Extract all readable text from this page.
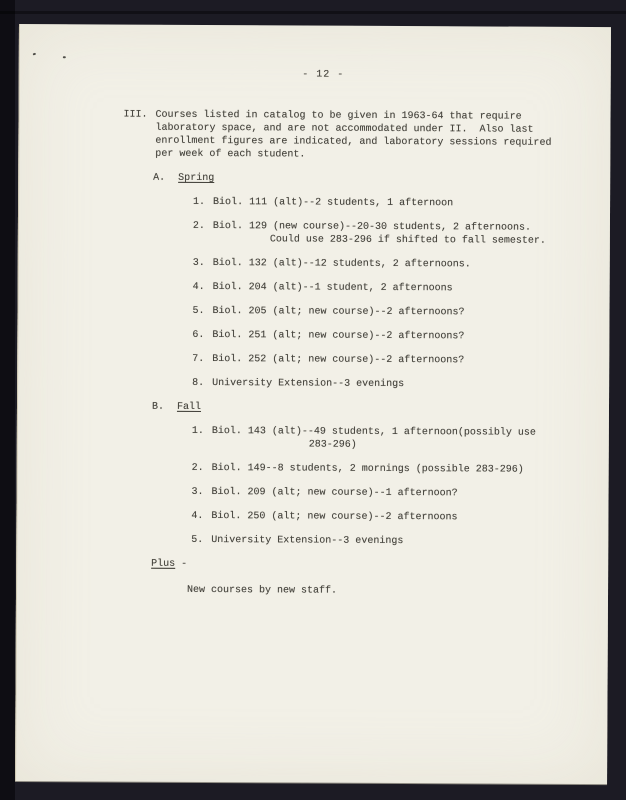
- 12 -
III. Courses listed in catalog to be given in 1963-64 that require
laboratory space, and are not accommodated under II.  Also last
enrollment figures are indicated, and laboratory sessions required
per week of each student.
A. Spring
1. Biol. 111 (alt)--2 students, 1 afternoon
2. Biol. 129 (new course)--20-30 students, 2 afternoons.
Could use 283-296 if shifted to fall semester.
3. Biol. 132 (alt)--12 students, 2 afternoons.
4. Biol. 204 (alt)--1 student, 2 afternoons
5. Biol. 205 (alt; new course)--2 afternoons?
6. Biol. 251 (alt; new course)--2 afternoons?
7. Biol. 252 (alt; new course)--2 afternoons?
8. University Extension--3 evenings
B. Fall
1. Biol. 143 (alt)--49 students, 1 afternoon(possibly use
283-296)
2. Biol. 149--8 students, 2 mornings (possible 283-296)
3. Biol. 209 (alt; new course)--1 afternoon?
4. Biol. 250 (alt; new course)--2 afternoons
5. University Extension--3 evenings
Plus -
New courses by new staff.
